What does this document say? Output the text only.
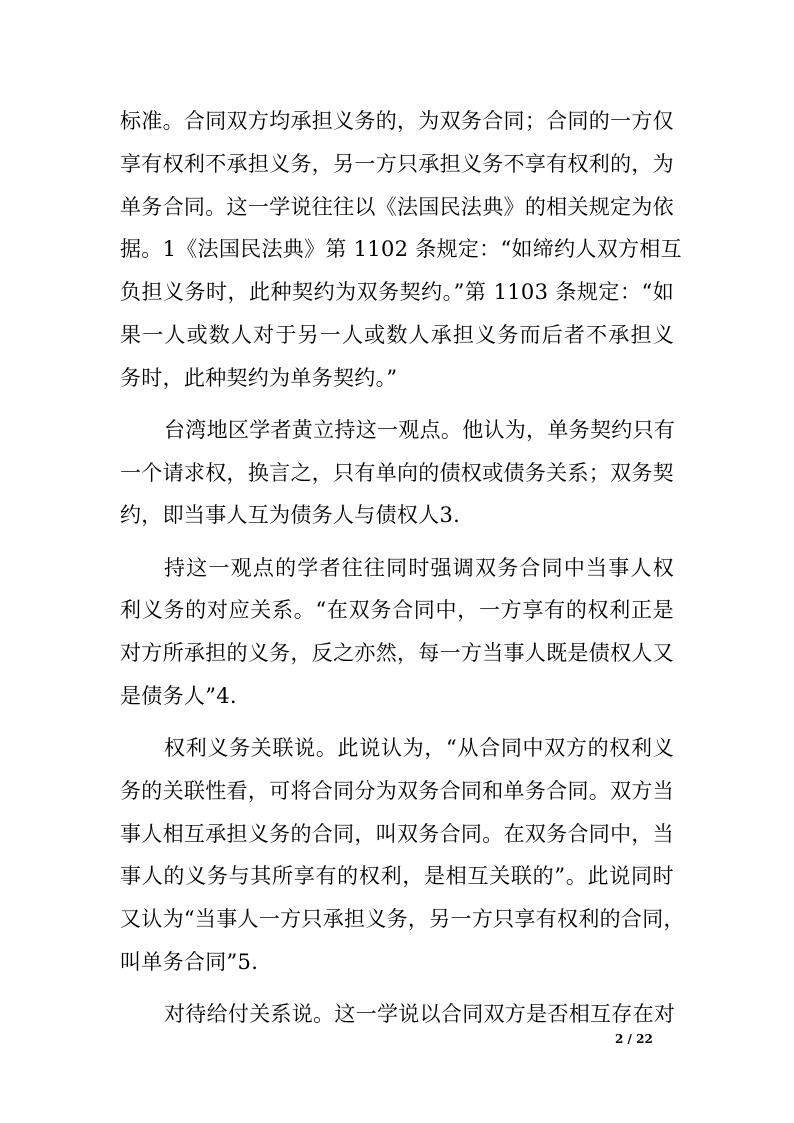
标准。合同双方均承担义务的，为双务合同；合同的一方仅
享有权利不承担义务，另一方只承担义务不享有权利的，为
单务合同。这一学说往往以《法国民法典》的相关规定为依
据。1《法国民法典》第 1102 条规定：“如缔约人双方相互
负担义务时，此种契约为双务契约。”第 1103 条规定：“如
果一人或数人对于另一人或数人承担义务而后者不承担义
务时，此种契约为单务契约。”
台湾地区学者黄立持这一观点。他认为，单务契约只有
一个请求权，换言之，只有单向的债权或债务关系；双务契
约，即当事人互为债务人与债权人3.
持这一观点的学者往往同时强调双务合同中当事人权
利义务的对应关系。“在双务合同中，一方享有的权利正是
对方所承担的义务，反之亦然，每一方当事人既是债权人又
是债务人”4.
权利义务关联说。此说认为，“从合同中双方的权利义
务的关联性看，可将合同分为双务合同和单务合同。双方当
事人相互承担义务的合同，叫双务合同。在双务合同中，当
事人的义务与其所享有的权利，是相互关联的”。此说同时
又认为“当事人一方只承担义务，另一方只享有权利的合同，
叫单务合同”5.
对待给付关系说。这一学说以合同双方是否相互存在对
2 / 22
